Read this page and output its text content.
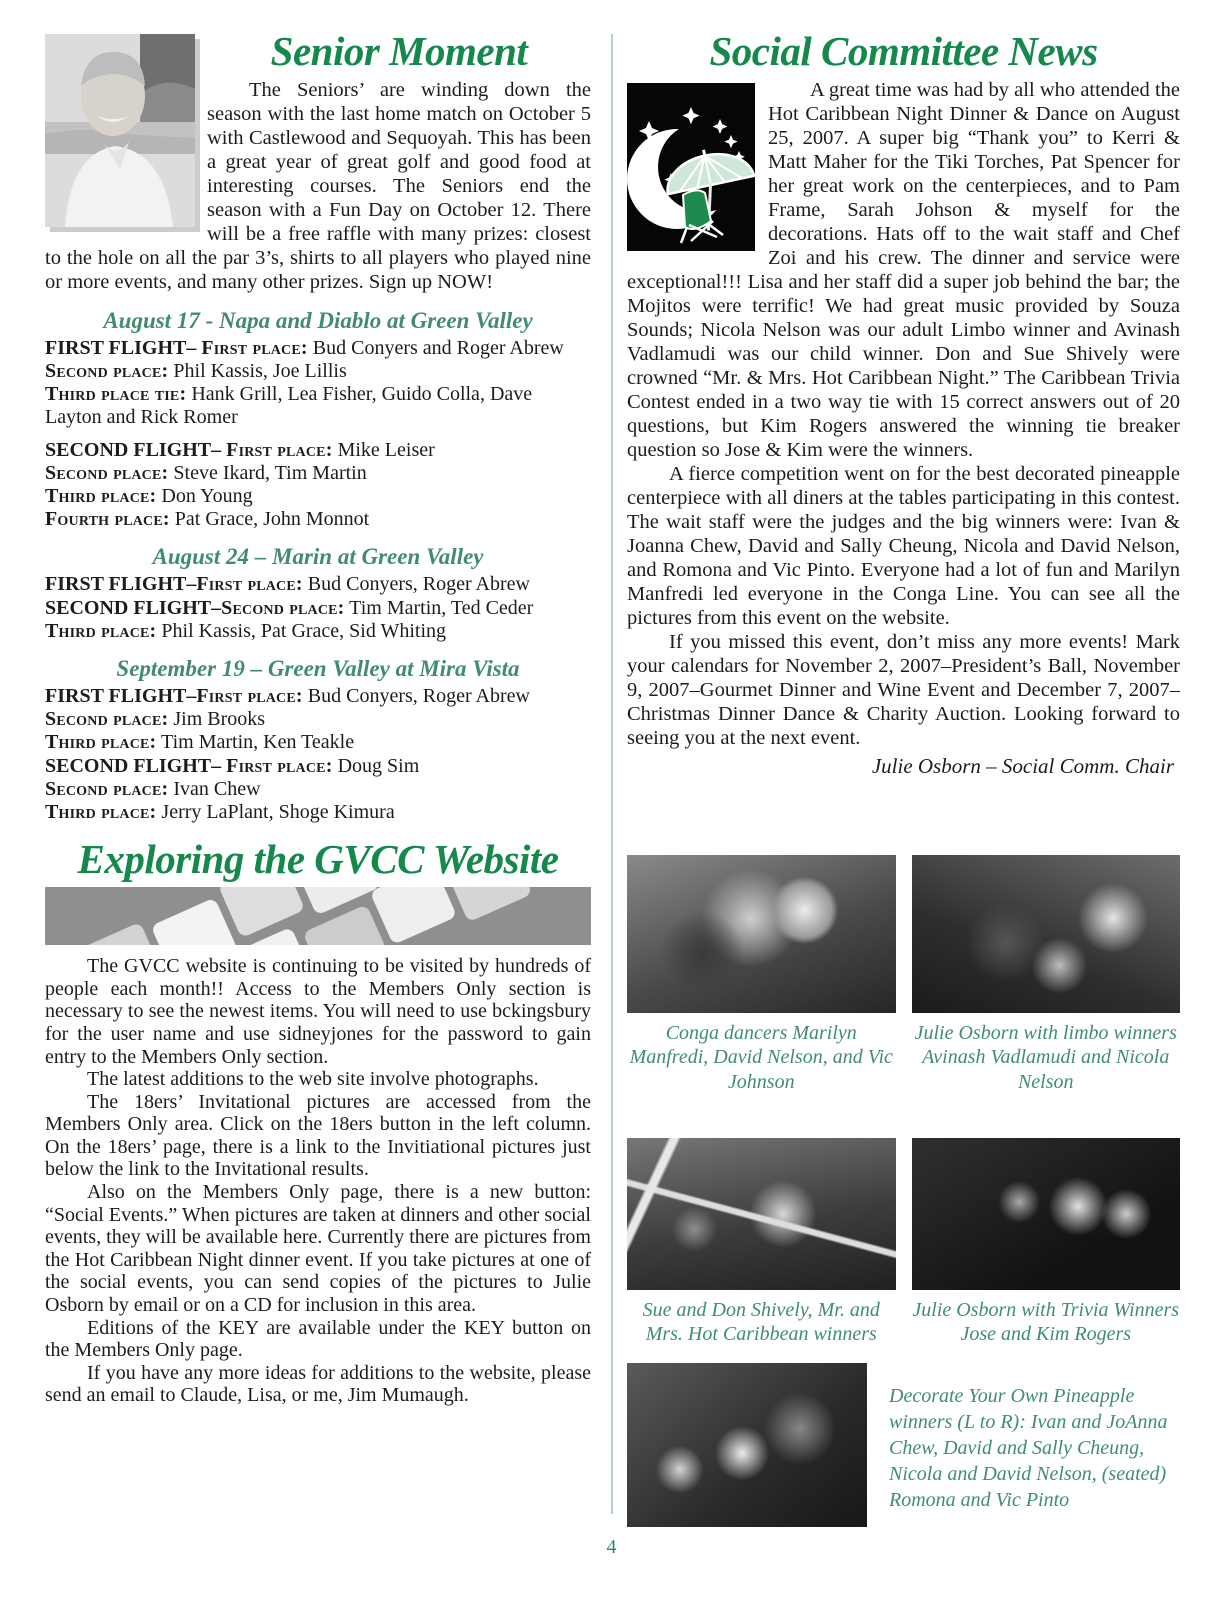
Senior Moment

The Seniors’ are winding down the season with the last home match on October 5 with Castlewood and Sequoyah. This has been a great year of great golf and good food at interesting courses. The Seniors end the season with a Fun Day on October 12. There will be a free raffle with many prizes: closest to the hole on all the par 3’s, shirts to all players who played nine or more events, and many other prizes. Sign up NOW!

August 17 - Napa and Diablo at Green Valley

FIRST FLIGHT– First place: Bud Conyers and Roger Abrew

Second place: Phil Kassis, Joe Lillis

Third place tie: Hank Grill, Lea Fisher, Guido Colla, Dave Layton and Rick Romer

SECOND FLIGHT– First place: Mike Leiser

Second place: Steve Ikard, Tim Martin

Third place: Don Young

Fourth place: Pat Grace, John Monnot

August 24 – Marin at Green Valley

FIRST FLIGHT–First place: Bud Conyers, Roger Abrew

SECOND FLIGHT–Second place: Tim Martin, Ted Ceder

Third place: Phil Kassis, Pat Grace, Sid Whiting

September 19 – Green Valley at Mira Vista

FIRST FLIGHT–First place: Bud Conyers, Roger Abrew

Second place: Jim Brooks

Third place: Tim Martin, Ken Teakle

SECOND FLIGHT– First place: Doug Sim

Second place: Ivan Chew

Third place: Jerry LaPlant, Shoge Kimura

Exploring the GVCC Website

The GVCC website is continuing to be visited by hundreds of people each month!! Access to the Members Only section is necessary to see the newest items. You will need to use bckingsbury for the user name and use sidneyjones for the password to gain entry to the Members Only section.

The latest additions to the web site involve photographs.

The 18ers’ Invitational pictures are accessed from the Members Only area. Click on the 18ers button in the left column. On the 18ers’ page, there is a link to the Invitiational pictures just below the link to the Invitational results.

Also on the Members Only page, there is a new button: “Social Events.” When pictures are taken at dinners and other social events, they will be available here. Currently there are pictures from the Hot Caribbean Night dinner event. If you take pictures at one of the social events, you can send copies of the pictures to Julie Osborn by email or on a CD for inclusion in this area.

Editions of the KEY are available under the KEY button on the Members Only page.

If you have any more ideas for additions to the website, please send an email to Claude, Lisa, or me, Jim Mumaugh.

Social Committee News

A great time was had by all who attended the Hot Caribbean Night Dinner & Dance on August 25, 2007. A super big “Thank you” to Kerri & Matt Maher for the Tiki Torches, Pat Spencer for her great work on the centerpieces, and to Pam Frame, Sarah Johson & myself for the decorations. Hats off to the wait staff and Chef Zoi and his crew. The dinner and service were exceptional!!! Lisa and her staff did a super job behind the bar; the Mojitos were terrific! We had great music provided by Souza Sounds; Nicola Nelson was our adult Limbo winner and Avinash Vadlamudi was our child winner. Don and Sue Shively were crowned “Mr. & Mrs. Hot Caribbean Night.” The Caribbean Trivia Contest ended in a two way tie with 15 correct answers out of 20 questions, but Kim Rogers answered the winning tie breaker question so Jose & Kim were the winners.

A fierce competition went on for the best decorated pineapple centerpiece with all diners at the tables participating in this contest. The wait staff were the judges and the big winners were: Ivan & Joanna Chew, David and Sally Cheung, Nicola and David Nelson, and Romona and Vic Pinto. Everyone had a lot of fun and Marilyn Manfredi led everyone in the Conga Line. You can see all the pictures from this event on the website.

If you missed this event, don’t miss any more events! Mark your calendars for November 2, 2007–President’s Ball, November 9, 2007–Gourmet Dinner and Wine Event and December 7, 2007– Christmas Dinner Dance & Charity Auction. Looking forward to seeing you at the next event.

Julie Osborn – Social Comm. Chair

Conga dancers Marilyn Manfredi, David Nelson, and Vic Johnson
Julie Osborn with limbo winners Avinash Vadlamudi and Nicola Nelson
Sue and Don Shively, Mr. and Mrs. Hot Caribbean winners
Julie Osborn with Trivia Winners Jose and Kim Rogers
Decorate Your Own Pineapple winners (L to R): Ivan and JoAnna Chew, David and Sally Cheung, Nicola and David Nelson, (seated) Romona and Vic Pinto
4
